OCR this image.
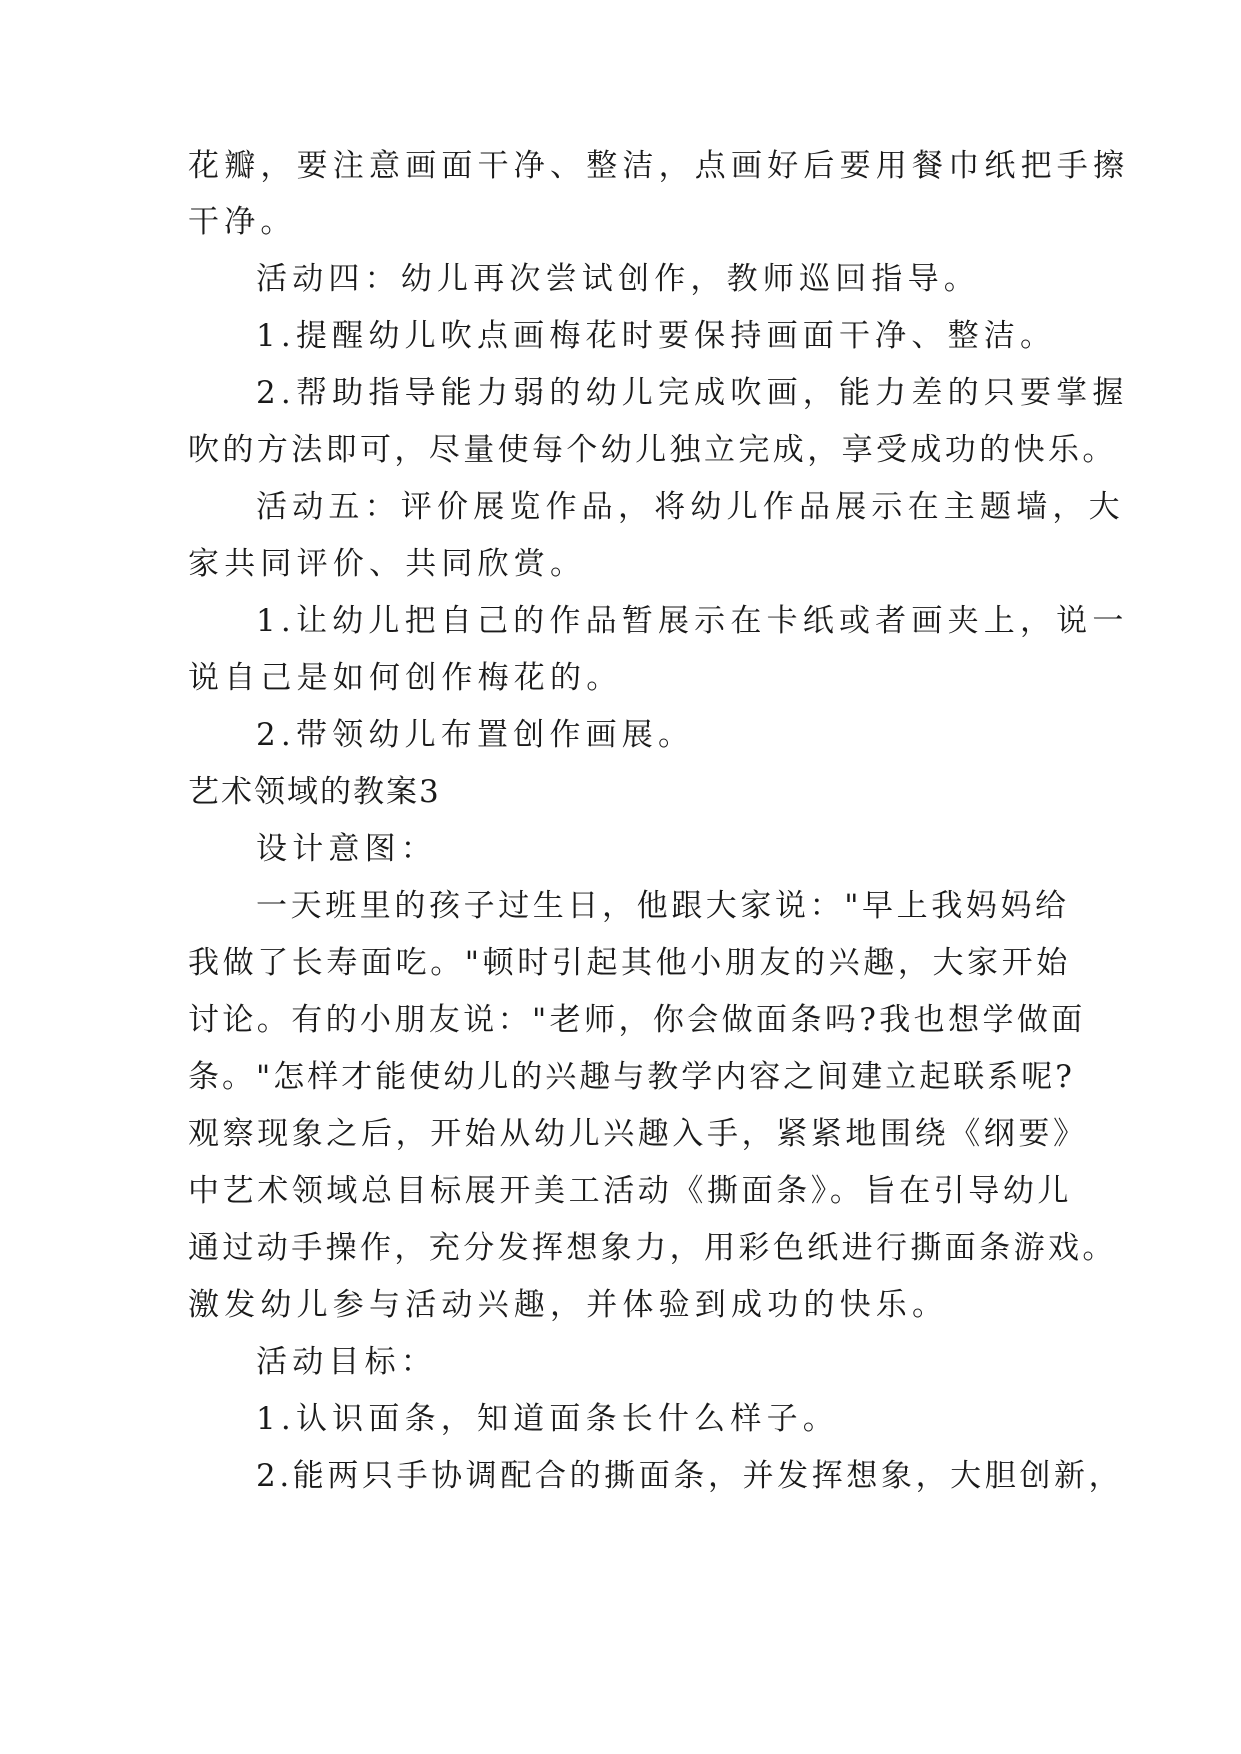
花瓣，要注意画面干净、整洁，点画好后要用餐巾纸把手擦
干净。
活动四：幼儿再次尝试创作，教师巡回指导。
1.提醒幼儿吹点画梅花时要保持画面干净、整洁。
2.帮助指导能力弱的幼儿完成吹画，能力差的只要掌握
吹的方法即可，尽量使每个幼儿独立完成，享受成功的快乐。
活动五：评价展览作品，将幼儿作品展示在主题墙，大
家共同评价、共同欣赏。
1.让幼儿把自己的作品暂展示在卡纸或者画夹上，说一
说自己是如何创作梅花的。
2.带领幼儿布置创作画展。
艺术领域的教案3
设计意图：
一天班里的孩子过生日，他跟大家说："早上我妈妈给
我做了长寿面吃。"顿时引起其他小朋友的兴趣，大家开始
讨论。有的小朋友说："老师，你会做面条吗?我也想学做面
条。"怎样才能使幼儿的兴趣与教学内容之间建立起联系呢?
观察现象之后，开始从幼儿兴趣入手，紧紧地围绕《纲要》
中艺术领域总目标展开美工活动《撕面条》。旨在引导幼儿
通过动手操作，充分发挥想象力，用彩色纸进行撕面条游戏。
激发幼儿参与活动兴趣，并体验到成功的快乐。
活动目标：
1.认识面条，知道面条长什么样子。
2.能两只手协调配合的撕面条，并发挥想象，大胆创新，
